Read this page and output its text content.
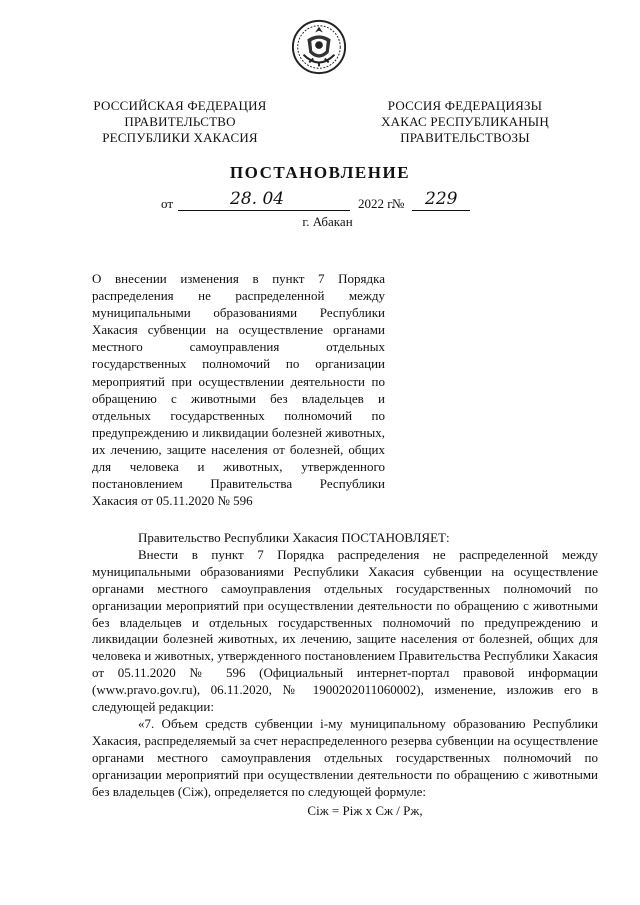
РОССИЙСКАЯ ФЕДЕРАЦИЯ
ПРАВИТЕЛЬСТВО
РЕСПУБЛИКИ ХАКАСИЯ
РОССИЯ ФЕДЕРАЦИЯЗЫ
ХАКАС РЕСПУБЛИКАНЫҢ
ПРАВИТЕЛЬСТВОЗЫ
ПОСТАНОВЛЕНИЕ
от	28. 04	2022 г.
№ 229
г. Абакан
О внесении изменения в пункт 7 Порядка распределения не распределенной между муниципальными образованиями Республики Хакасия субвенции на осуществление органами местного самоуправления отдельных государственных полномочий по организации мероприятий при осуществлении деятельности по обращению с животными без владельцев и отдельных государственных полномочий по предупреждению и ликвидации болезней животных, их лечению, защите населения от болезней, общих для человека и животных, утвержденного постановлением Правительства Республики Хакасия от 05.11.2020 № 596

Правительство Республики Хакасия ПОСТАНОВЛЯЕТ:

Внести в пункт 7 Порядка распределения не распределенной между муниципальными образованиями Республики Хакасия субвенции на осуществление органами местного самоуправления отдельных государственных полномочий по организации мероприятий при осуществлении деятельности по обращению с животными без владельцев и отдельных государственных полномочий по предупреждению и ликвидации болезней животных, их лечению, защите населения от болезней, общих для человека и животных, утвержденного постановлением Правительства Республики Хакасия от 05.11.2020 № 596 (Официальный интернет-портал правовой информации (www.pravo.gov.ru), 06.11.2020, № 1900202011060002), изменение, изложив его в следующей редакции:

«7. Объем средств субвенции i-му муниципальному образованию Республики Хакасия, распределяемый за счет нераспределенного резерва субвенции на осуществление органами местного самоуправления отдельных государственных полномочий по организации мероприятий при осуществлении деятельности по обращению с животными без владельцев (Сiж), определяется по следующей формуле:

Сiж = Рiж x Сж / Рж,
